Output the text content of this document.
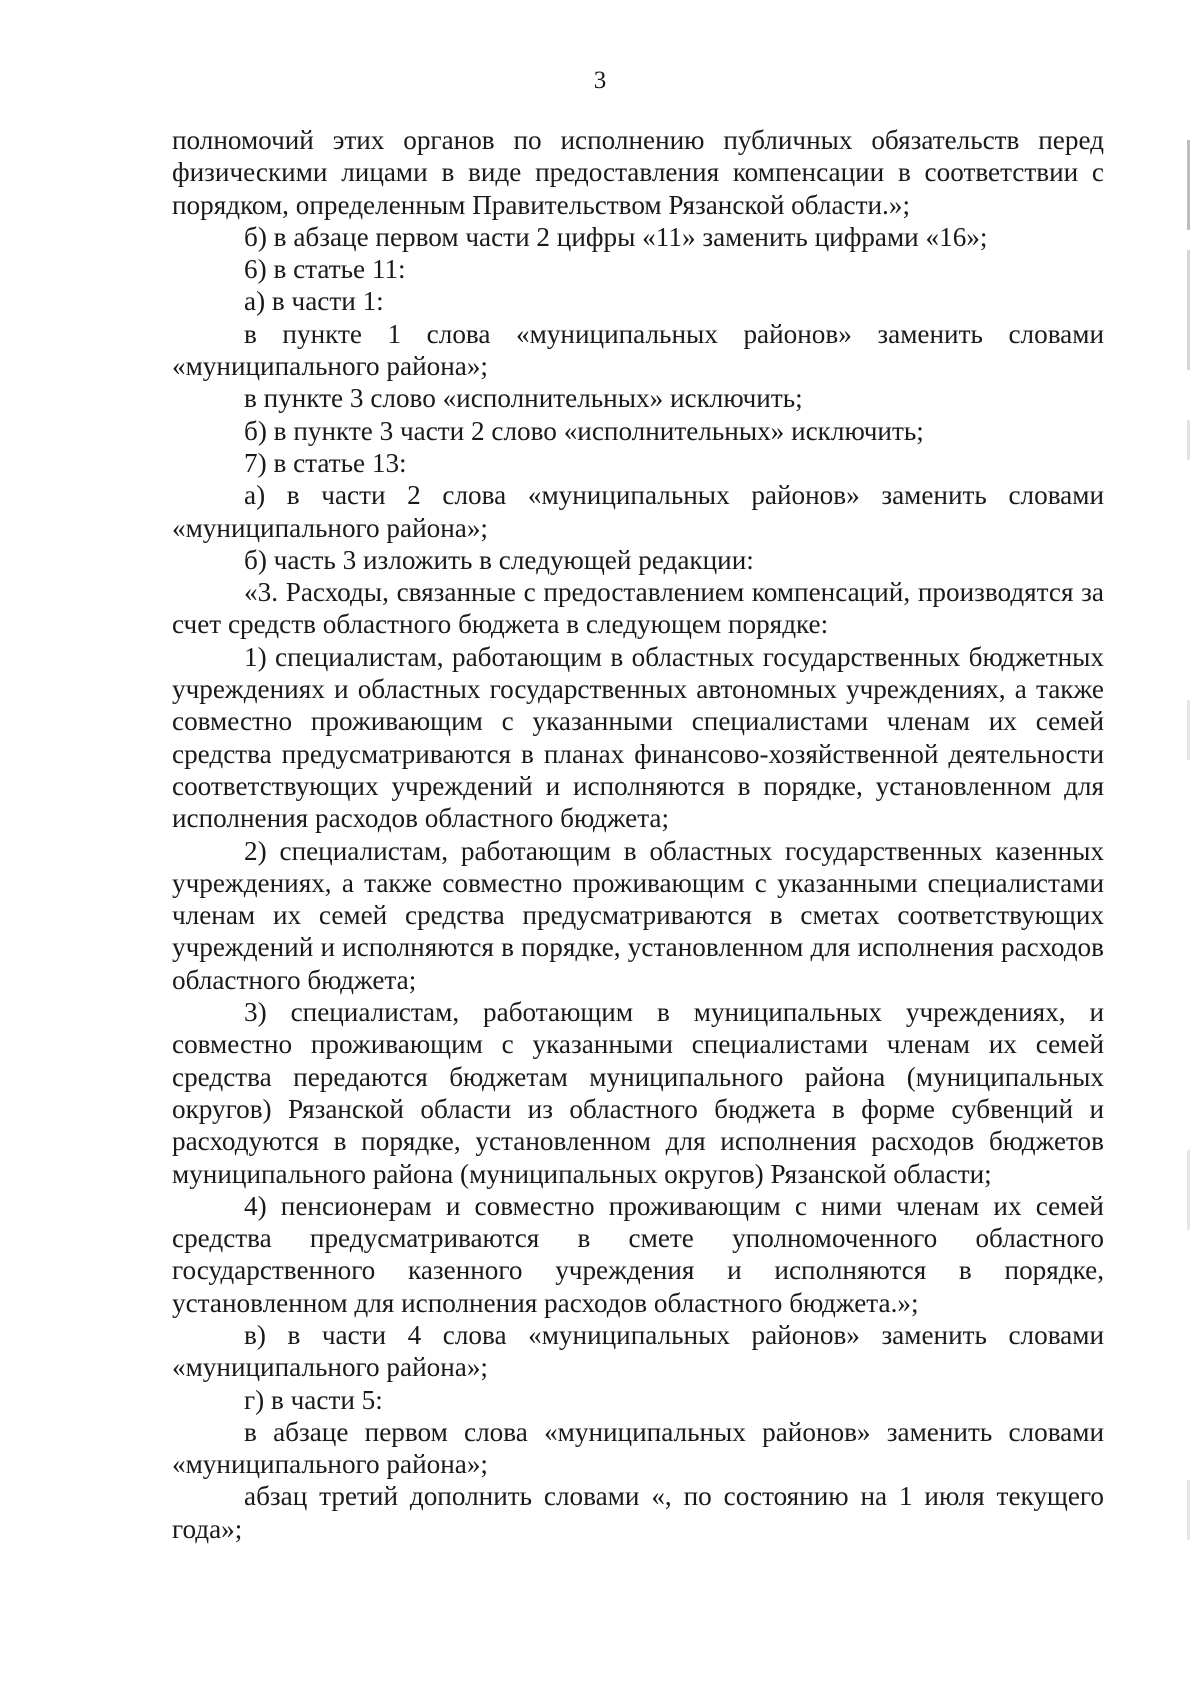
3

полномочий этих органов по исполнению публичных обязательств перед физическими лицами в виде предоставления компенсации в соответствии с порядком, определенным Правительством Рязанской области.»;

б) в абзаце первом части 2 цифры «11» заменить цифрами «16»;

6) в статье 11:

а) в части 1:

в пункте 1 слова «муниципальных районов» заменить словами «муниципального района»;

в пункте 3 слово «исполнительных» исключить;

б) в пункте 3 части 2 слово «исполнительных» исключить;

7) в статье 13:

а) в части 2 слова «муниципальных районов» заменить словами «муниципального района»;

б) часть 3 изложить в следующей редакции:

«3. Расходы, связанные с предоставлением компенсаций, производятся за счет средств областного бюджета в следующем порядке:

1) специалистам, работающим в областных государственных бюджетных учреждениях и областных государственных автономных учреждениях, а также совместно проживающим с указанными специалистами членам их семей средства предусматриваются в планах финансово-хозяйственной деятельности соответствующих учреждений и исполняются в порядке, установленном для исполнения расходов областного бюджета;

2) специалистам, работающим в областных государственных казенных учреждениях, а также совместно проживающим с указанными специалистами членам их семей средства предусматриваются в сметах соответствующих учреждений и исполняются в порядке, установленном для исполнения расходов областного бюджета;

3) специалистам, работающим в муниципальных учреждениях, и совместно проживающим с указанными специалистами членам их семей средства передаются бюджетам муниципального района (муниципальных округов) Рязанской области из областного бюджета в форме субвенций и расходуются в порядке, установленном для исполнения расходов бюджетов муниципального района (муниципальных округов) Рязанской области;

4) пенсионерам и совместно проживающим с ними членам их семей средства предусматриваются в смете уполномоченного областного государственного казенного учреждения и исполняются в порядке, установленном для исполнения расходов областного бюджета.»;

в) в части 4 слова «муниципальных районов» заменить словами «муниципального района»;

г) в части 5:

в абзаце первом слова «муниципальных районов» заменить словами «муниципального района»;

абзац третий дополнить словами «, по состоянию на 1 июля текущего года»;
